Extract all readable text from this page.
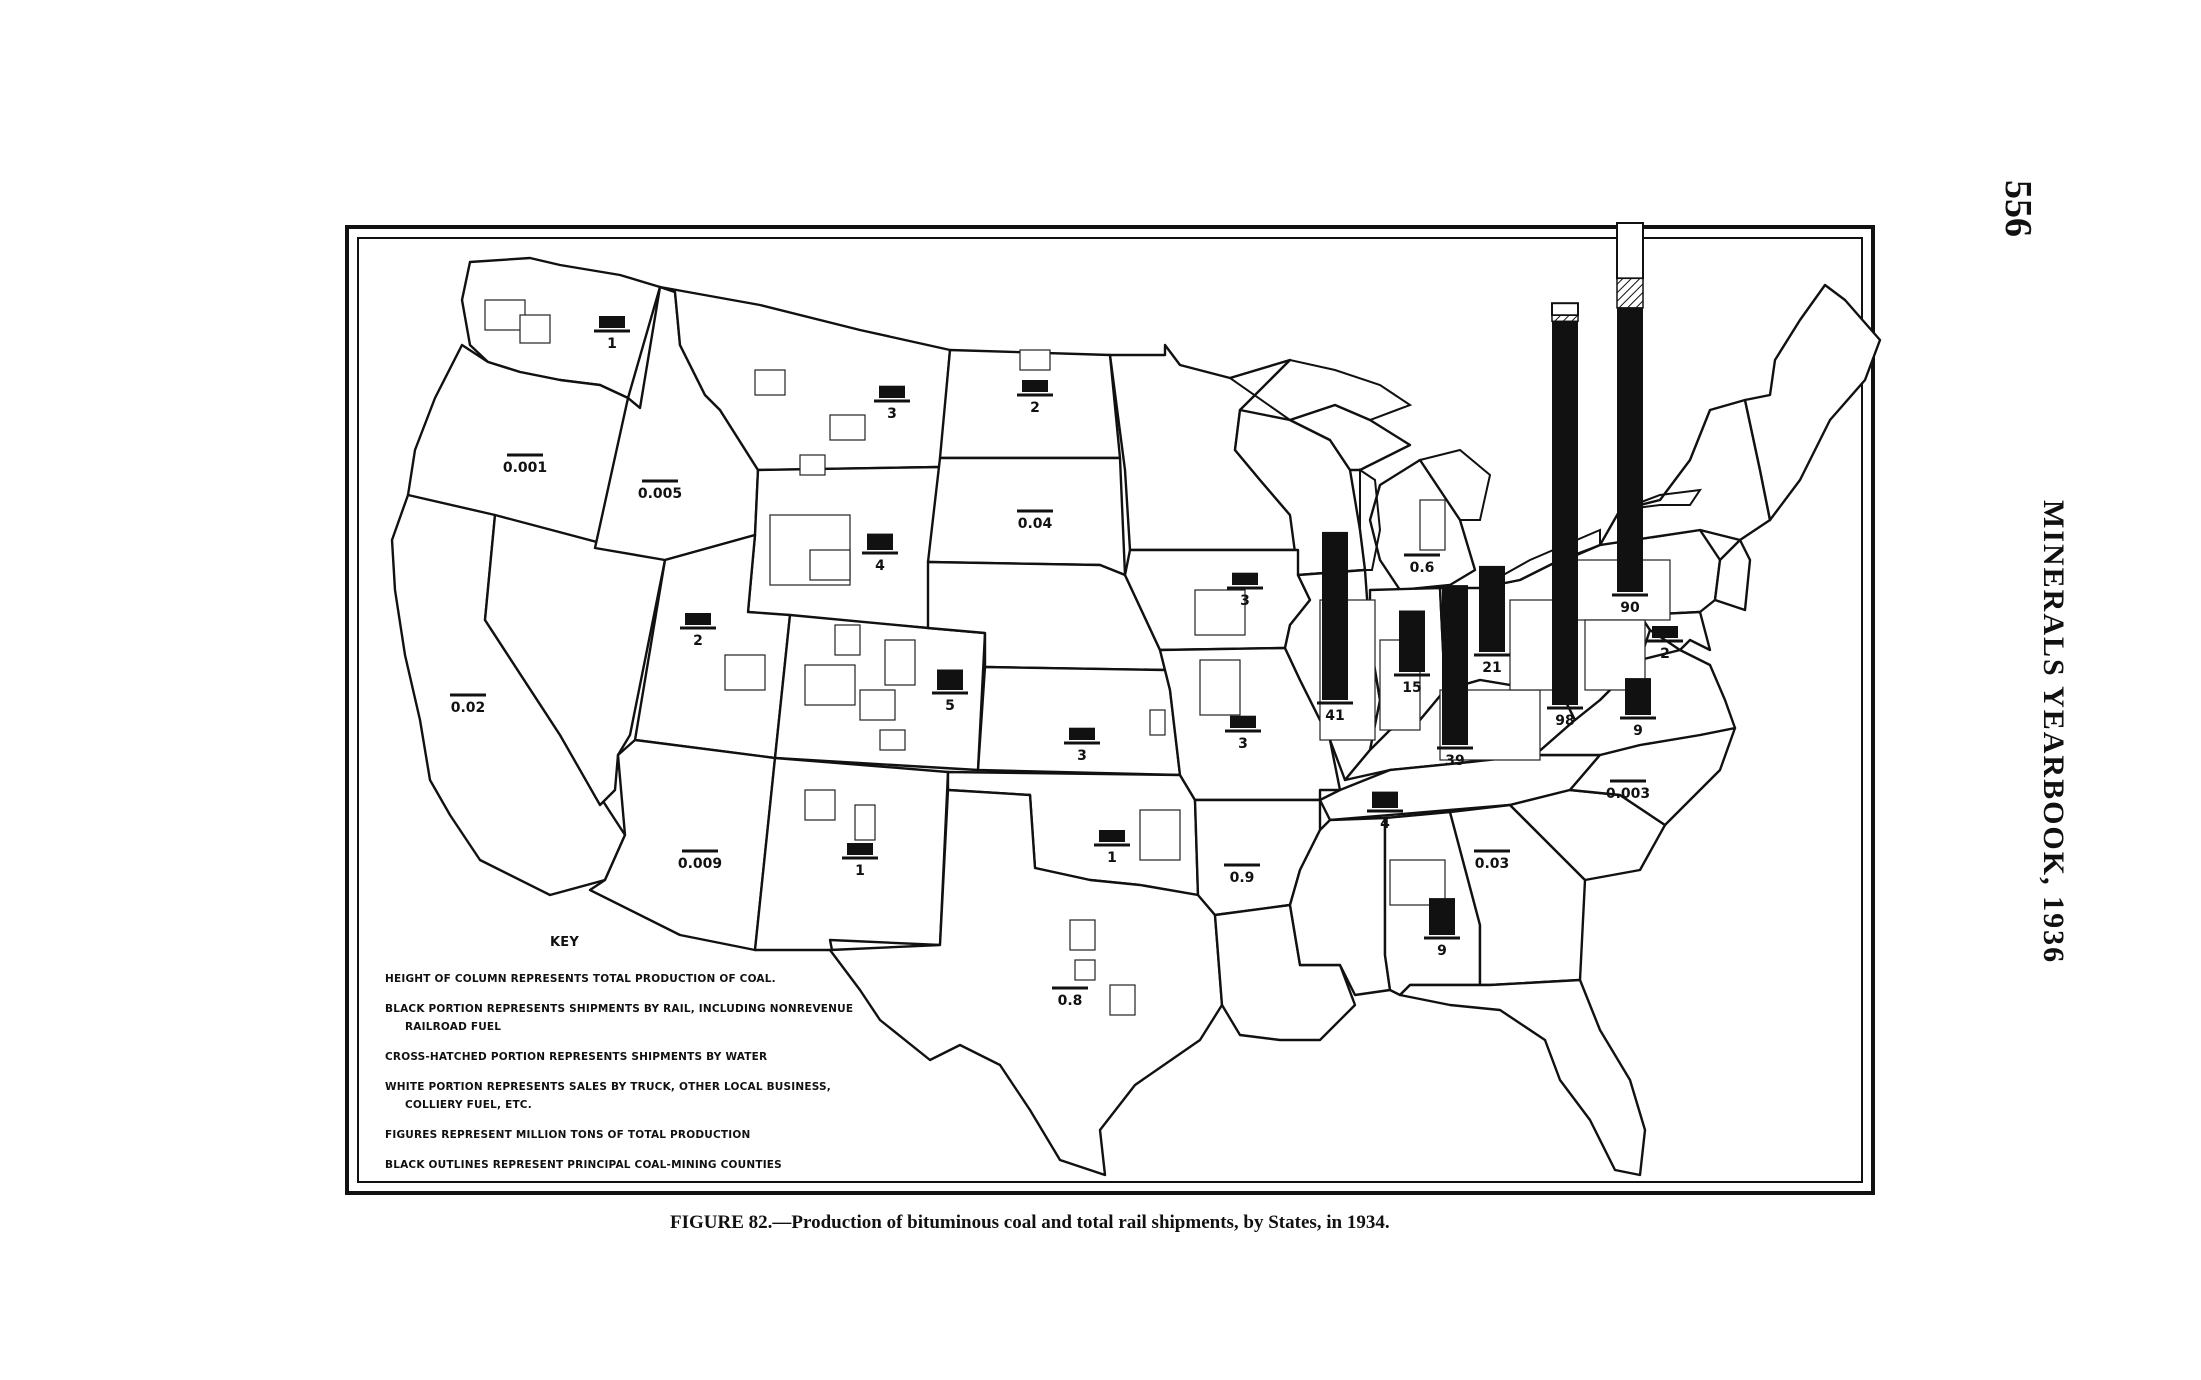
556
MINERALS YEARBOOK, 1936
1
0.001
0.005
0.02
3
4
2
5
0.009	1
2
0.04
3
1
0.8
3
3
0.9
41
0.6
15
39
21
98
90
2
9
4
0.003
0.03
9
KEY
HEIGHT OF COLUMN REPRESENTS TOTAL PRODUCTION OF COAL.
BLACK PORTION REPRESENTS SHIPMENTS BY RAIL, INCLUDING NONREVENUE
RAILROAD FUEL
CROSS-HATCHED PORTION REPRESENTS SHIPMENTS BY WATER
WHITE PORTION REPRESENTS SALES BY TRUCK, OTHER LOCAL BUSINESS,
COLLIERY FUEL, ETC.
FIGURES REPRESENT MILLION TONS OF TOTAL PRODUCTION
BLACK OUTLINES REPRESENT PRINCIPAL COAL-MINING COUNTIES
FIGURE 82.—Production of bituminous coal and total rail shipments, by States, in 1934.
